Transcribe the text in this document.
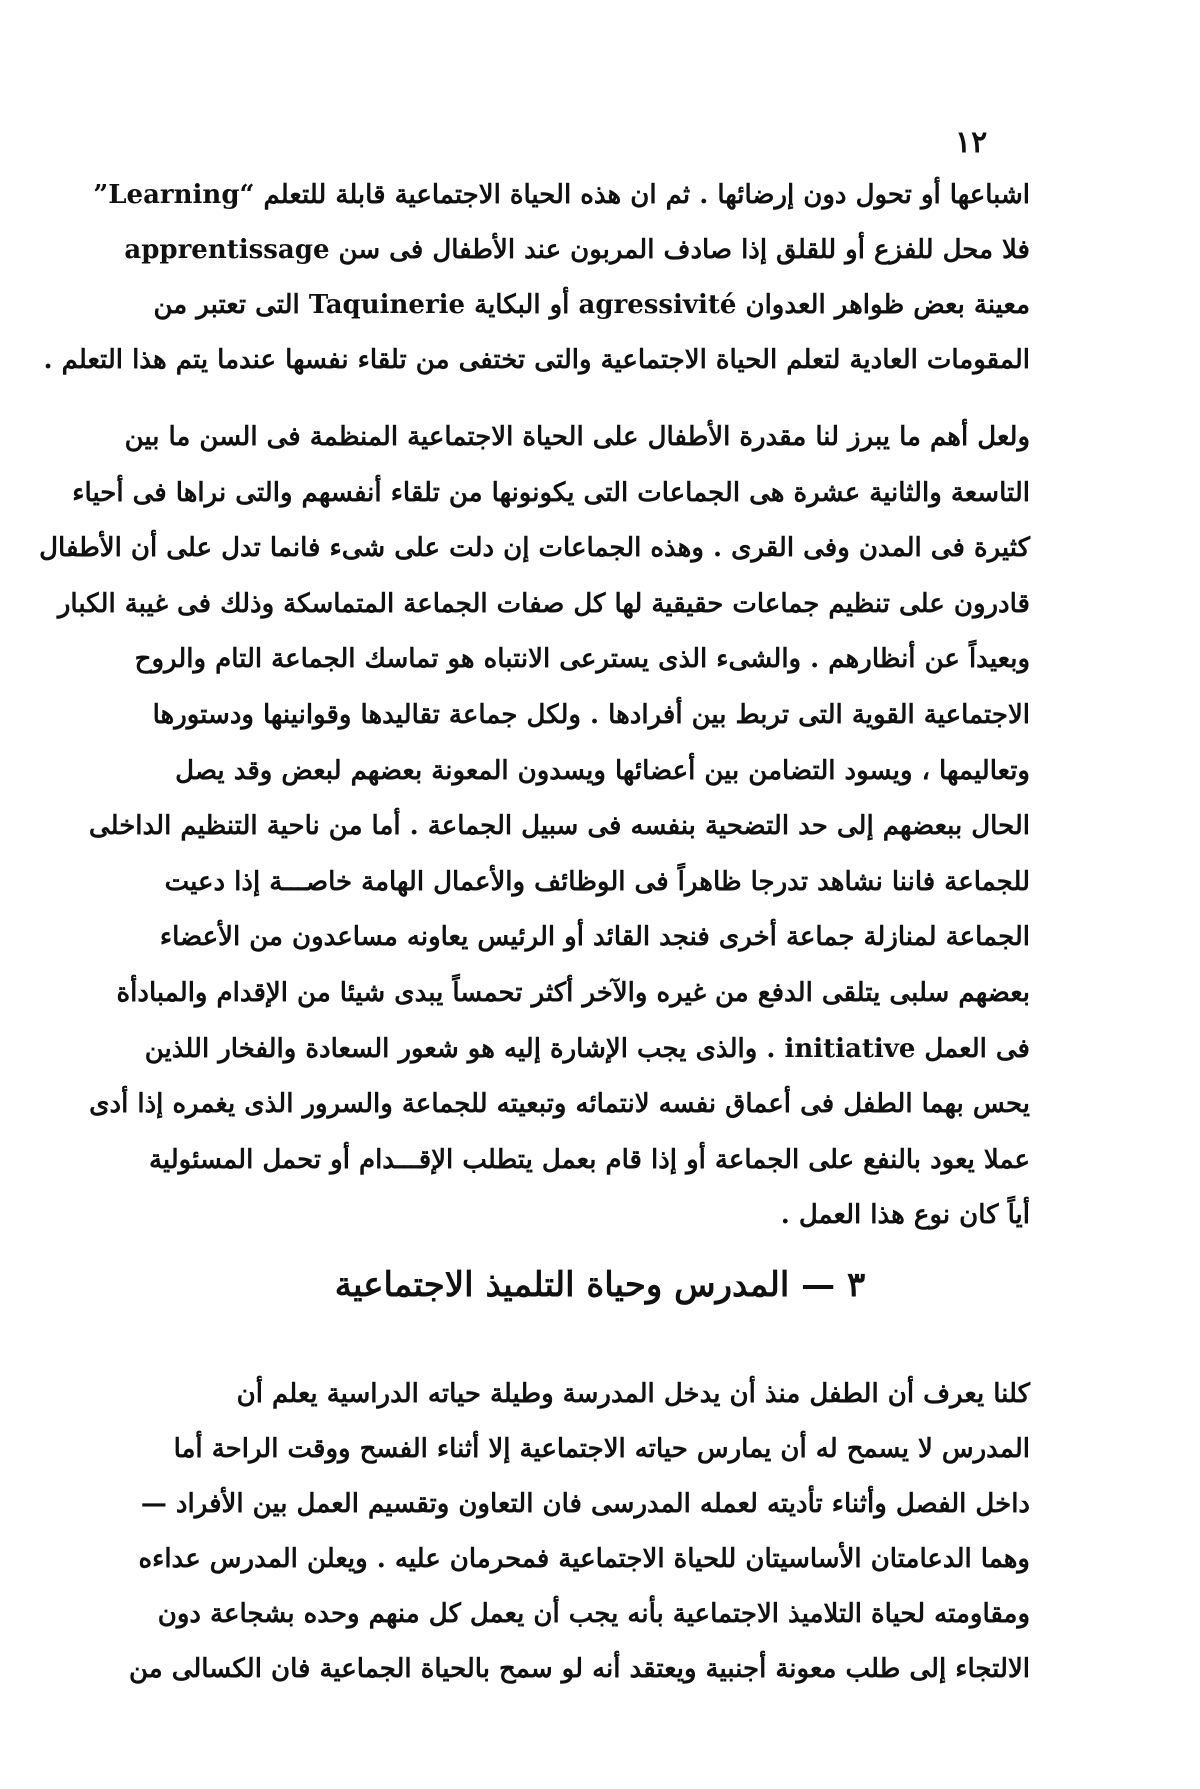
١٢
اشباعها أو تحول دون إرضائها . ثم ان هذه الحياة الاجتماعية قابلة للتعلم “Learning”
فلا محل للفزع أو للقلق إذا صادف المربون عند الأطفال فى سن apprentissage
معينة بعض ظواهر العدوان agressivité أو البكاية Taquinerie التى تعتبر من
المقومات العادية لتعلم الحياة الاجتماعية والتى تختفى من تلقاء نفسها عندما يتم هذا التعلم .
ولعل أهم ما يبرز لنا مقدرة الأطفال على الحياة الاجتماعية المنظمة فى السن ما بين
التاسعة والثانية عشرة هى الجماعات التى يكونونها من تلقاء أنفسهم والتى نراها فى أحياء
كثيرة فى المدن وفى القرى . وهذه الجماعات إن دلت على شىء فانما تدل على أن الأطفال
قادرون على تنظيم جماعات حقيقية لها كل صفات الجماعة المتماسكة وذلك فى غيبة الكبار
وبعيداً عن أنظارهم . والشىء الذى يسترعى الانتباه هو تماسك الجماعة التام والروح
الاجتماعية القوية التى تربط بين أفرادها . ولكل جماعة تقاليدها وقوانينها ودستورها
وتعاليمها ، ويسود التضامن بين أعضائها ويسدون المعونة بعضهم لبعض وقد يصل
الحال ببعضهم إلى حد التضحية بنفسه فى سبيل الجماعة . أما من ناحية التنظيم الداخلى
للجماعة فاننا نشاهد تدرجا ظاهراً فى الوظائف والأعمال الهامة خاصـــة إذا دعيت
الجماعة لمنازلة جماعة أخرى فنجد القائد أو الرئيس يعاونه مساعدون من الأعضاء
بعضهم سلبى يتلقى الدفع من غيره والآخر أكثر تحمساً يبدى شيئا من الإقدام والمبادأة
فى العمل initiative . والذى يجب الإشارة إليه هو شعور السعادة والفخار اللذين
يحس بهما الطفل فى أعماق نفسه لانتمائه وتبعيته للجماعة والسرور الذى يغمره إذا أدى
عملا يعود بالنفع على الجماعة أو إذا قام بعمل يتطلب الإقـــدام أو تحمل المسئولية
أياً كان نوع هذا العمل .
٣ — المدرس وحياة التلميذ الاجتماعية
كلنا يعرف أن الطفل منذ أن يدخل المدرسة وطيلة حياته الدراسية يعلم أن
المدرس لا يسمح له أن يمارس حياته الاجتماعية إلا أثناء الفسح ووقت الراحة أما
داخل الفصل وأثناء تأديته لعمله المدرسى فان التعاون وتقسيم العمل بين الأفراد —
وهما الدعامتان الأساسيتان للحياة الاجتماعية فمحرمان عليه . ويعلن المدرس عداءه
ومقاومته لحياة التلاميذ الاجتماعية بأنه يجب أن يعمل كل منهم وحده بشجاعة دون
الالتجاء إلى طلب معونة أجنبية ويعتقد أنه لو سمح بالحياة الجماعية فان الكسالى من
